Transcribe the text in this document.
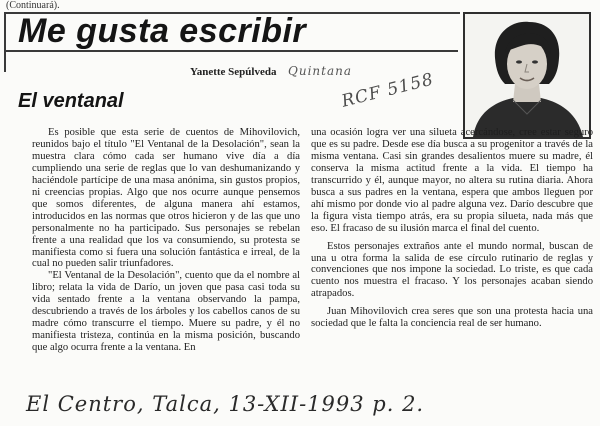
(Continuará).
Me gusta escribir
Yanette Sepúlveda Quintana
El ventanal	RCF 5158

Es posible que esta serie de cuentos de Mihovilovich, reunidos bajo el título "El Ventanal de la Desolación", sean la muestra clara cómo cada ser humano vive día a día cumpliendo una serie de reglas que lo van deshumanizando y haciéndole partícipe de una masa anónima, sin gustos propios, ni creencias propias. Algo que nos ocurre aunque pensemos que somos diferentes, de alguna manera ahí estamos, introducidos en las normas que otros hicieron y de las que uno personalmente no ha participado. Sus personajes se rebelan frente a una realidad que los va consumiendo, su protesta se manifiesta como si fuera una solución fantástica e irreal, de la cual no pueden salir triunfadores.

"El Ventanal de la Desolación", cuento que da el nombre al libro; relata la vida de Darío, un joven que pasa casi toda su vida sentado frente a la ventana observando la pampa, descubriendo a través de los árboles y los cabellos canos de su madre cómo transcurre el tiempo. Muere su padre, y él no manifiesta tristeza, continúa en la misma posición, buscando que algo ocurra frente a la ventana. En

una ocasión logra ver una silueta acercándose, cree estar seguro que es su padre. Desde ese día busca a su progenitor a través de la misma ventana. Casi sin grandes desalientos muere su madre, él conserva la misma actitud frente a la vida. El tiempo ha transcurrido y él, aunque mayor, no altera su rutina diaria. Ahora busca a sus padres en la ventana, espera que ambos lleguen por ahí mismo por donde vio al padre alguna vez. Darío descubre que la figura vista tiempo atrás, era su propia silueta, nada más que eso. El fracaso de su ilusión marca el final del cuento.

Estos personajes extraños ante el mundo normal, buscan de una u otra forma la salida de ese círculo rutinario de reglas y convenciones que nos impone la sociedad. Lo triste, es que cada cuento nos muestra el fracaso. Y los personajes acaban siendo atrapados.

Juan Mihovilovich crea seres que son una protesta hacia una sociedad que le falta la conciencia real de ser humano.

El Centro, Talca, 13-XII-1993 p. 2.
